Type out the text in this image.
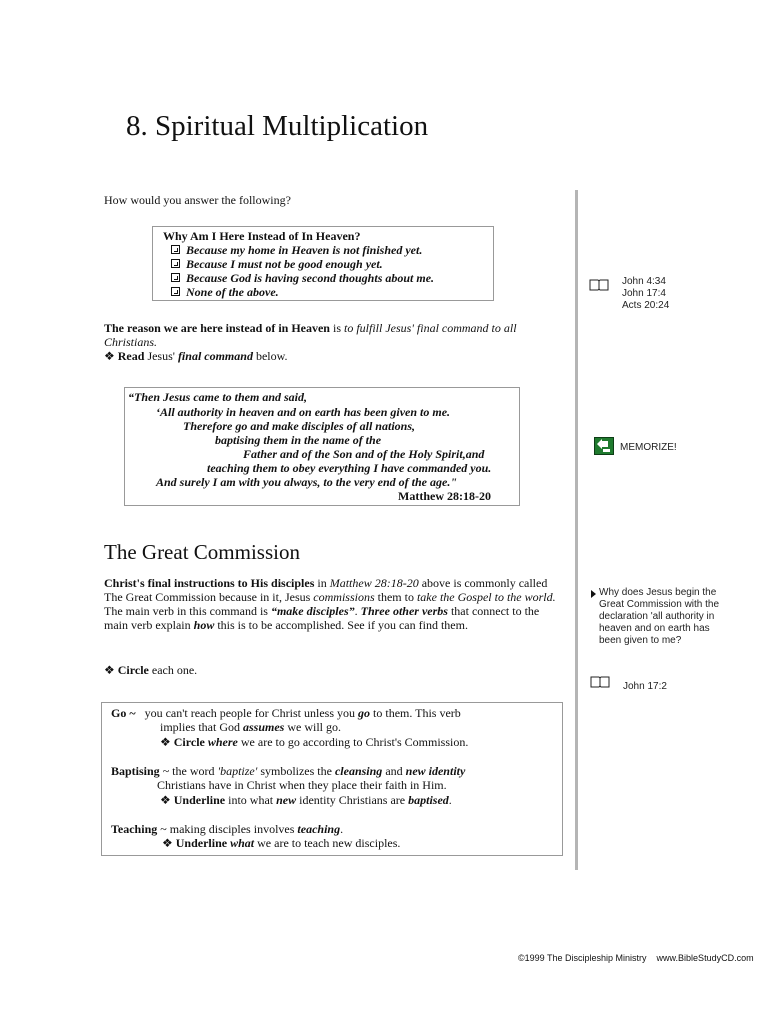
8. Spiritual Multiplication
How would you answer the following?
Why Am I Here Instead of In Heaven?
Because my home in Heaven is not finished yet.
Because I must not be good enough yet.
Because God is having second thoughts about me.
None of the above.
The reason we are here instead of in Heaven is to fulfill Jesus' final command to all Christians.
❖ Read Jesus' final command below.
“Then Jesus came to them and said,
‘All authority in heaven and on earth has been given to me.
Therefore go and make disciples of all nations,
baptising them in the name of the
Father and of the Son and of the Holy Spirit,and
teaching them to obey everything I have commanded you.
And surely I am with you always, to the very end of the age."
Matthew 28:18-20
The Great Commission
Christ's final instructions to His disciples in Matthew 28:18-20 above is commonly called The Great Commission because in it, Jesus commissions them to take the Gospel to the world. The main verb in this command is “make disciples”. Three other verbs that connect to the main verb explain how this is to be accomplished. See if you can find them.
❖ Circle each one.
Go ~ you can't reach people for Christ unless you go to them. This verb
implies that God assumes we will go.
❖ Circle where we are to go according to Christ's Commission.
Baptising ~ the word 'baptize' symbolizes the cleansing and new identity
Christians have in Christ when they place their faith in Him.
❖ Underline into what new identity Christians are baptised.
Teaching ~ making disciples involves teaching.
❖ Underline what we are to teach new disciples.
John 4:34
John 17:4
Acts 20:24
MEMORIZE!
Why does Jesus begin the Great Commission with the declaration 'all authority in heaven and on earth has been given to me?
John 17:2
©1999 The Discipleship Ministry www.BibleStudyCD.com
